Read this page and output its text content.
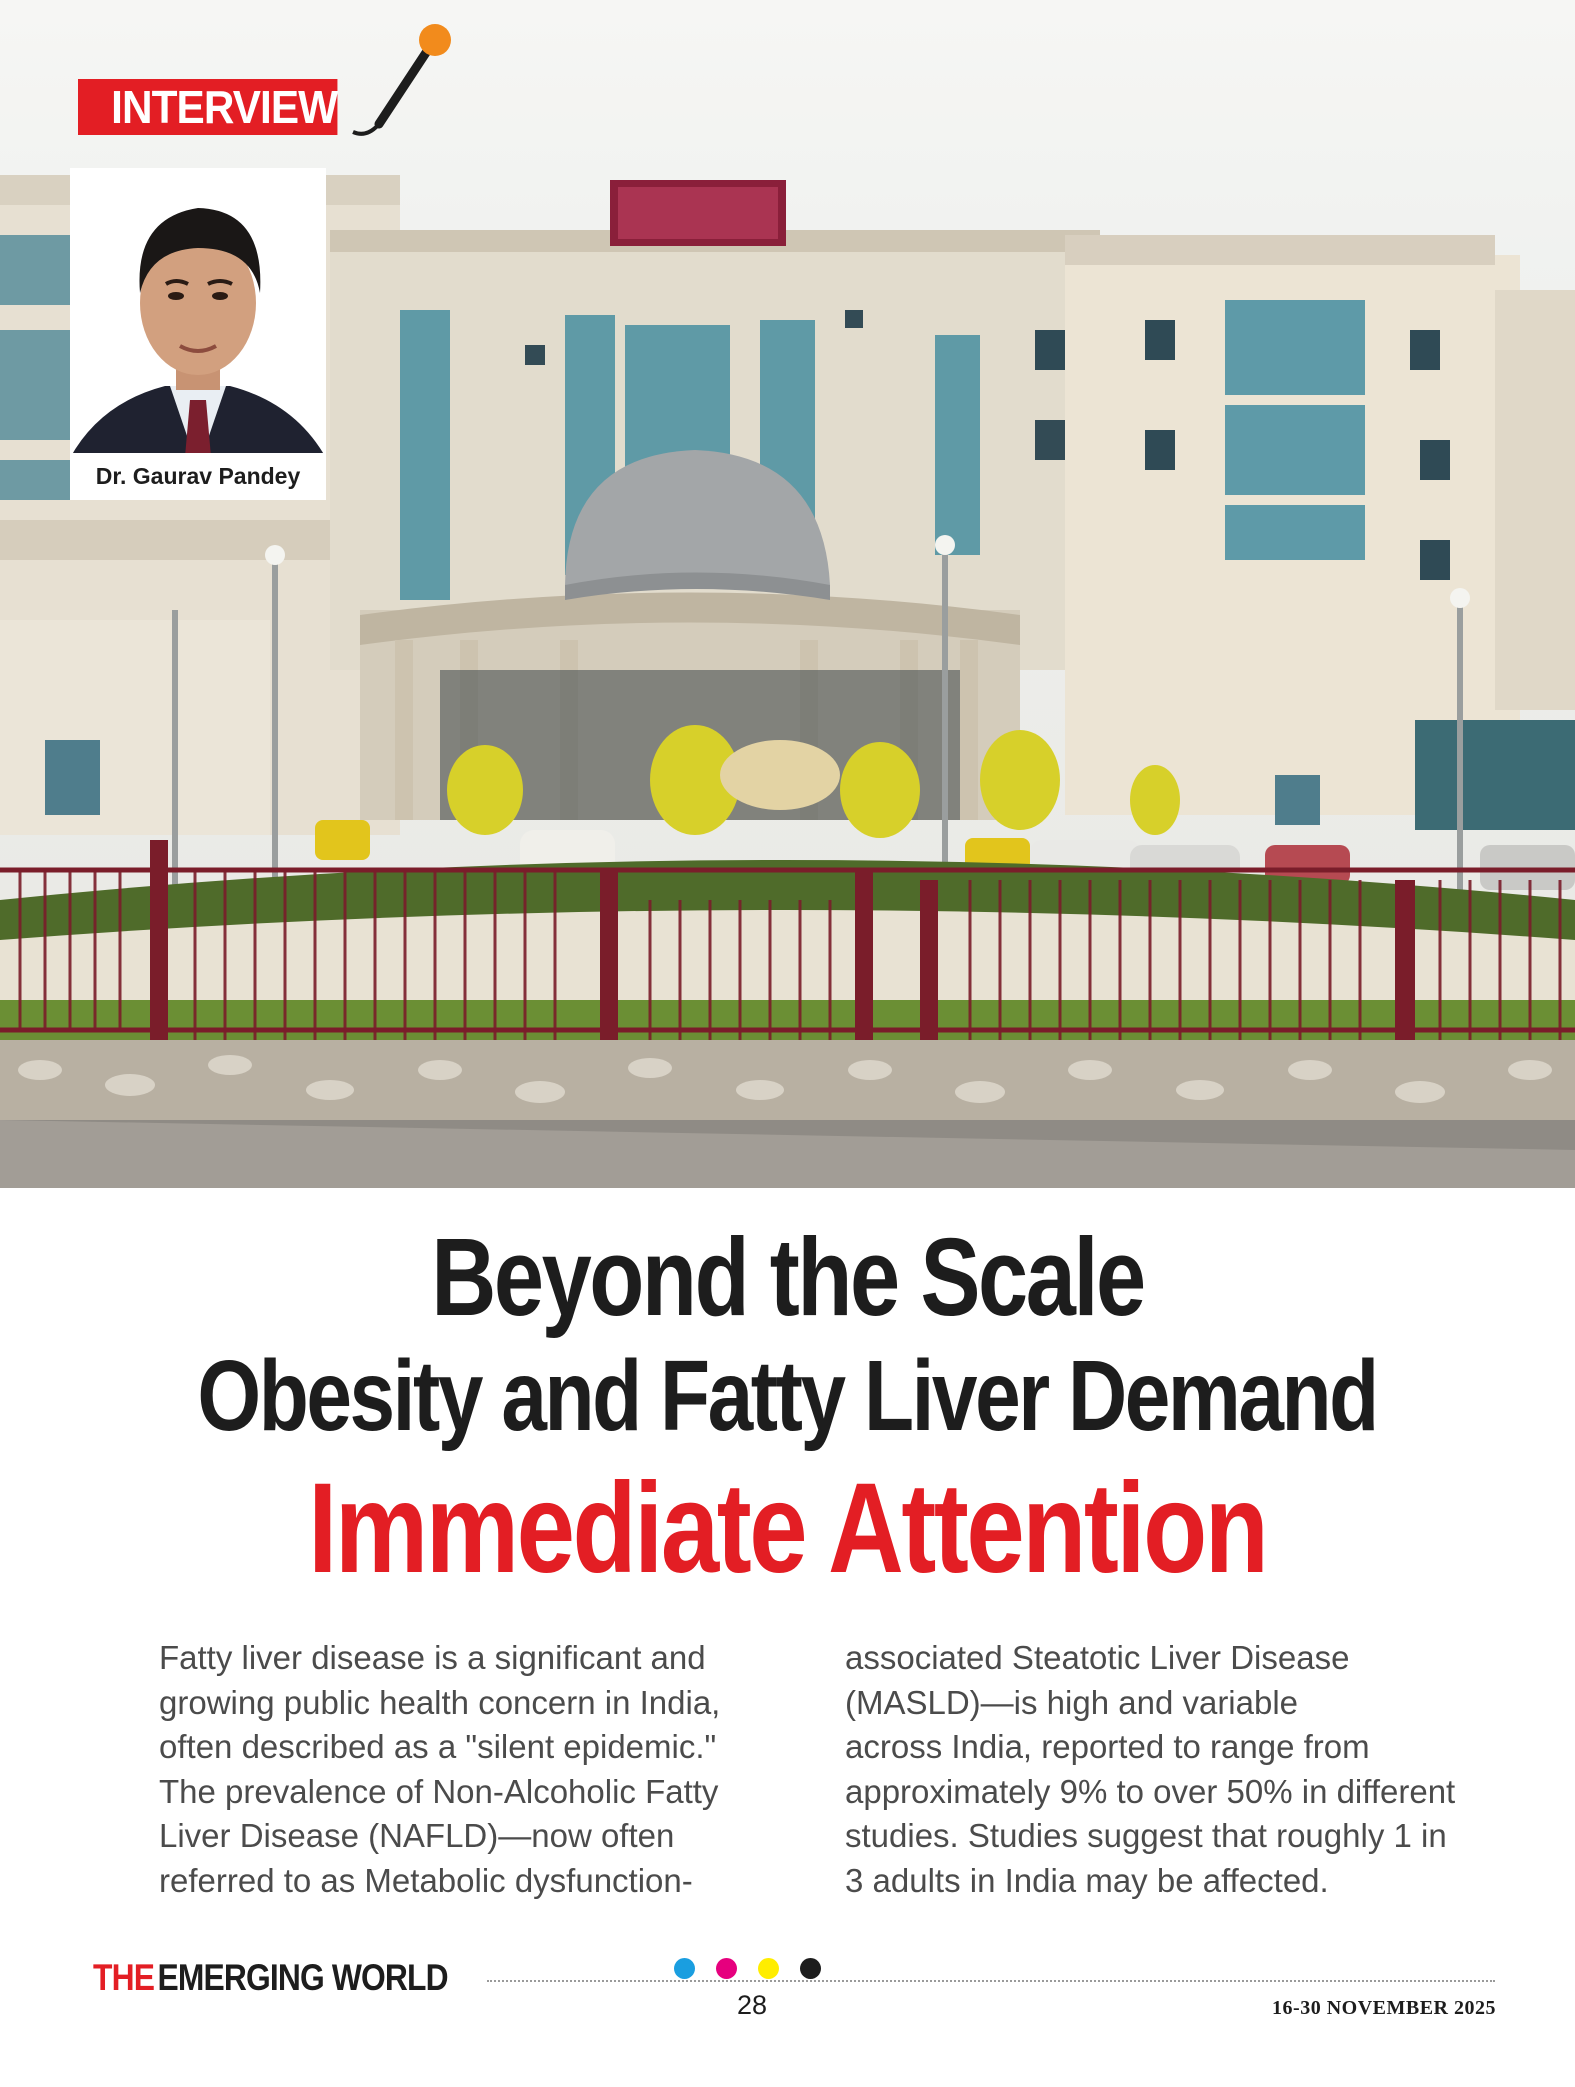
INTERVIEW
Dr. Gaurav Pandey
Beyond the Scale
Obesity and Fatty Liver Demand
Immediate Attention
Fatty liver disease is a significant and
growing public health concern in India,
often described as a "silent epidemic."
The prevalence of Non-Alcoholic Fatty
Liver Disease (NAFLD)—now often
referred to as Metabolic dysfunction-
associated Steatotic Liver Disease
(MASLD)—is high and variable
across India, reported to range from
approximately 9% to over 50% in different
studies. Studies suggest that roughly 1 in
3 adults in India may be affected.
THEEMERGING WORLD
28	16-30 NOVEMBER 2025
